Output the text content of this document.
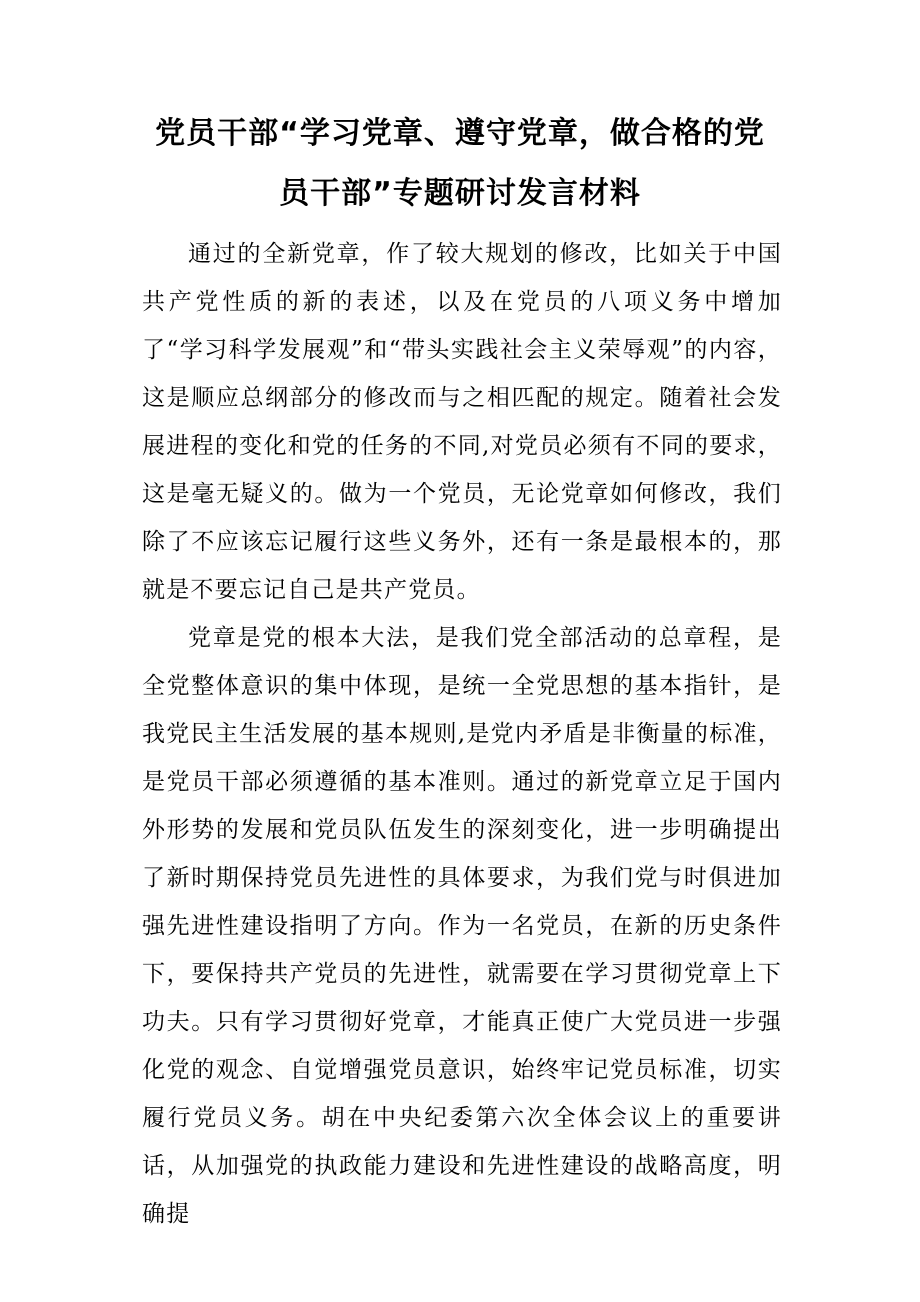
党员干部“学习党章、遵守党章，做合格的党
员干部”专题研讨发言材料

通过的全新党章，作了较大规划的修改，比如关于中国共产党性质的新的表述，以及在党员的八项义务中增加了“学习科学发展观”和“带头实践社会主义荣辱观”的内容，这是顺应总纲部分的修改而与之相匹配的规定。随着社会发展进程的变化和党的任务的不同,对党员必须有不同的要求，这是毫无疑义的。做为一个党员，无论党章如何修改，我们除了不应该忘记履行这些义务外，还有一条是最根本的，那就是不要忘记自己是共产党员。

党章是党的根本大法，是我们党全部活动的总章程，是全党整体意识的集中体现，是统一全党思想的基本指针，是我党民主生活发展的基本规则,是党内矛盾是非衡量的标准，是党员干部必须遵循的基本准则。通过的新党章立足于国内外形势的发展和党员队伍发生的深刻变化，进一步明确提出了新时期保持党员先进性的具体要求，为我们党与时俱进加强先进性建设指明了方向。作为一名党员，在新的历史条件下，要保持共产党员的先进性，就需要在学习贯彻党章上下功夫。只有学习贯彻好党章，才能真正使广大党员进一步强化党的观念、自觉增强党员意识，始终牢记党员标准，切实履行党员义务。胡在中央纪委第六次全体会议上的重要讲话，从加强党的执政能力建设和先进性建设的战略高度，明确提
